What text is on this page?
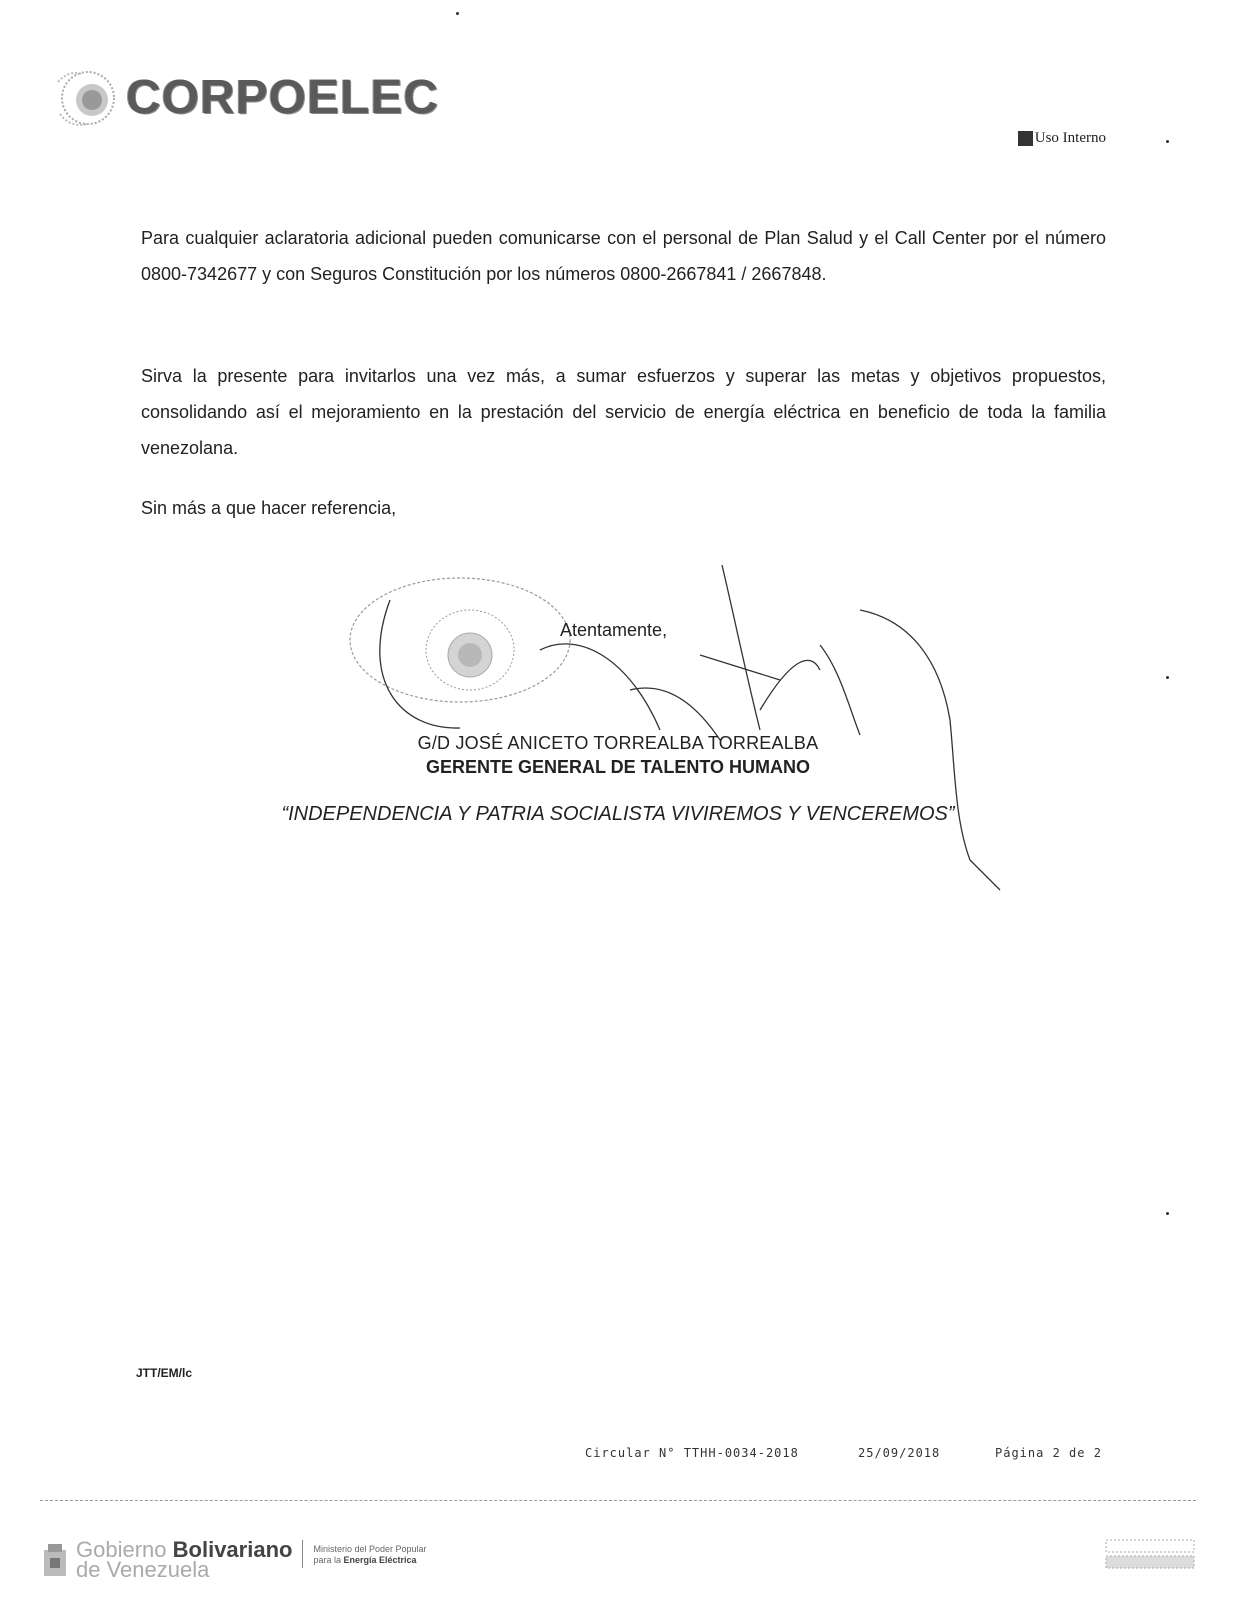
CORPOELEC
Uso Interno

Para cualquier aclaratoria adicional pueden comunicarse con el personal de Plan Salud y el Call Center por el número 0800-7342677 y con Seguros Constitución por los números 0800-2667841 / 2667848.

Sirva la presente para invitarlos una vez más, a sumar esfuerzos y superar las metas y objetivos propuestos, consolidando así el mejoramiento en la prestación del servicio de energía eléctrica en beneficio de toda la familia venezolana.

Sin más a que hacer referencia,

Atentamente,
G/D JOSÉ ANICETO TORREALBA TORREALBA
GERENTE GENERAL DE TALENTO HUMANO
“INDEPENDENCIA Y PATRIA SOCIALISTA VIVIREMOS Y VENCEREMOS”
JTT/EM/lc
Circular N° TTHH-0034-2018	25/09/2018	Página 2 de 2
Gobierno Bolivariano
de Venezuela
Ministerio del Poder Popular
para la Energía Eléctrica
